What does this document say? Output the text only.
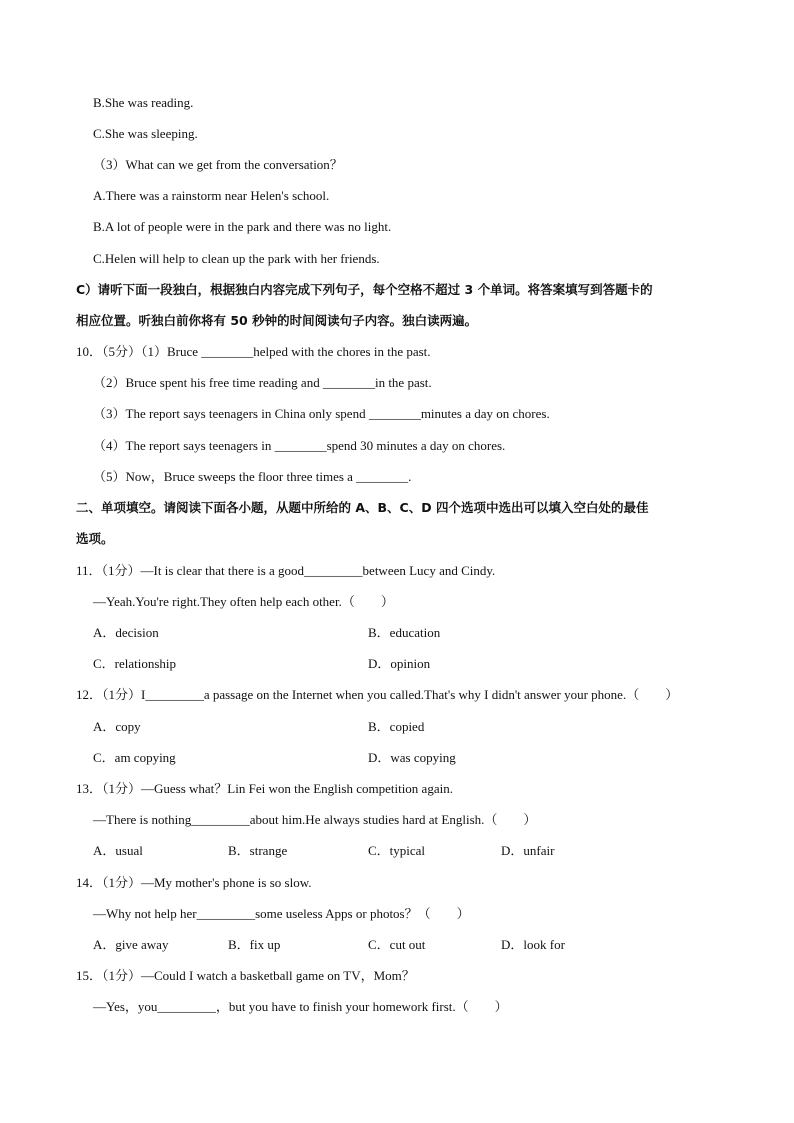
B.She was reading.
C.She was sleeping.
（3）What can we get from the conversation？
A.There was a rainstorm near Helen's school.
B.A lot of people were in the park and there was no light.
C.Helen will help to clean up the park with her friends.
C）请听下面一段独白，根据独白内容完成下列句子，每个空格不超过 3 个单词。将答案填写到答题卡的
相应位置。听独白前你将有 50 秒钟的时间阅读句子内容。独白读两遍。
10．（5分）（1）Bruce ________helped with the chores in the past.
（2）Bruce spent his free time reading and ________in the past.
（3）The report says teenagers in China only spend ________minutes a day on chores.
（4）The report says teenagers in ________spend 30 minutes a day on chores.
（5）Now，Bruce sweeps the floor three times a ________.
二、单项填空。请阅读下面各小题，从题中所给的 A、B、C、D 四个选项中选出可以填入空白处的最佳
选项。
11．（1分）—It is clear that there is a good_________between Lucy and Cindy.
—Yeah.You're right.They often help each other.（　　）
A．decision	B．education
C．relationship	D．opinion
12．（1分）I_________a passage on the Internet when you called.That's why I didn't answer your phone.（　　）
A．copy	B．copied
C．am copying	D．was copying
13．（1分）—Guess what？Lin Fei won the English competition again.
—There is nothing_________about him.He always studies hard at English.（　　）
A．usual	B．strange	C．typical	D．unfair
14．（1分）—My mother's phone is so slow.
—Why not help her_________some useless Apps or photos？（　　）
A．give away	B．fix up	C．cut out	D．look for
15．（1分）—Could I watch a basketball game on TV，Mom？
—Yes，you_________，but you have to finish your homework first.（　　）
